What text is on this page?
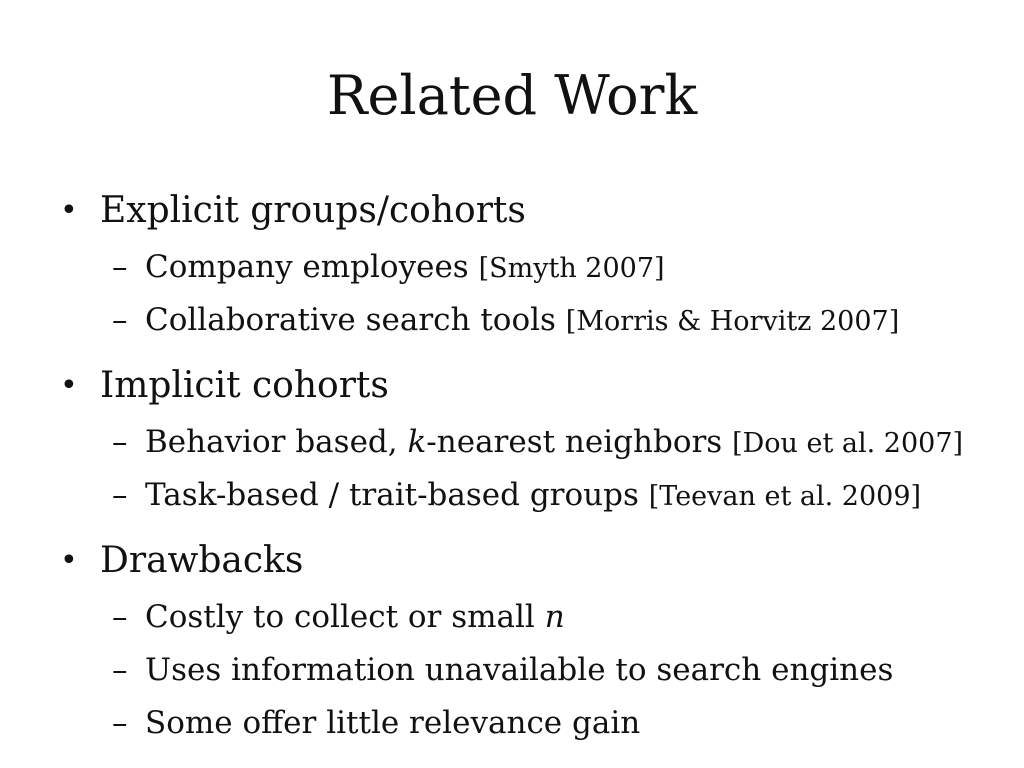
Related Work

• Explicit groups/cohorts

– Company employees [Smyth 2007]

– Collaborative search tools [Morris & Horvitz 2007]

• Implicit cohorts

– Behavior based, k-nearest neighbors [Dou et al. 2007]

– Task-based / trait-based groups [Teevan et al. 2009]

• Drawbacks

– Costly to collect or small n

– Uses information unavailable to search engines

– Some offer little relevance gain
